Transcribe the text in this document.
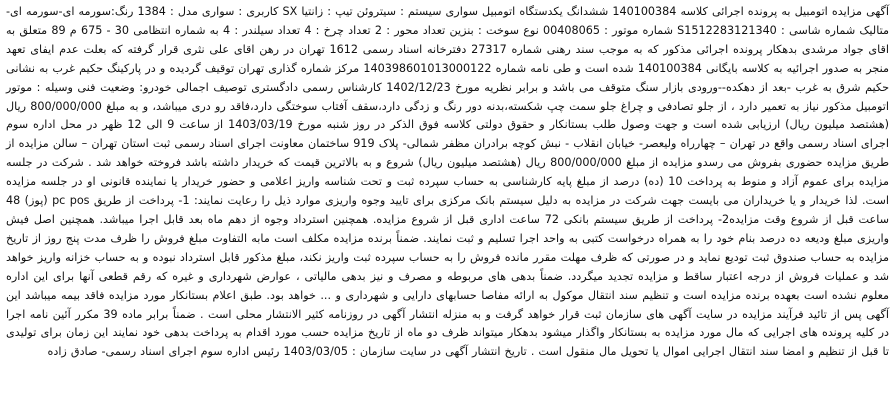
آگهی مزایده اتومبیل به پرونده اجرائی کلاسه 140100384 ششدانگ یکدستگاه اتومبیل سواری سیستم : سیتروئن تیپ : زانتیا SX کاربری : سواری مدل : 1384 رنگ:سورمه ای-سورمه ای-متالیک شماره شاسی : S1512283121340 شماره موتور : 00408065 نوع سوخت : بنزین تعداد محور : 2 تعداد چرخ : 4 تعداد سیلندر : 4 به شماره انتظامی 30 - 675 م 89 متعلق به اقای جواد مرشدی بدهکار پرونده اجرائی مذکور که به موجب سند رهنی شماره 27317 دفترخانه اسناد رسمی 1612 تهران در رهن اقای علی نثری قرار گرفته که بعلت عدم ایفای تعهد منجر به صدور اجرائیه به کلاسه بایگانی 140100384 شده است و طی نامه شماره 140398601013000122 مرکز شماره گذاری تهران توقیف گردیده و در پارکینگ حکیم غرب به نشانی حکیم شرق به غرب -بعد از دهکده--ورودی بازار سنگ متوقف می باشد و برابر نظریه مورخ 1402/12/23 کارشناس رسمی دادگستری توصیف اجمالی خودرو: وضعیت فنی وسیله : موتور اتومبیل مذکور نیاز به تعمیر دارد ، از جلو تصادفی و چراغ جلو سمت چپ شکسته،بدنه دور رنگ و زدگی دارد،سقف آفتاب سوختگی دارد،فاقد رو دری میباشد، و به مبلغ 800/000/000 ریال (هشتصد میلیون ریال) ارزیابی شده است و جهت وصول طلب بستانکار و حقوق دولتی کلاسه فوق الذکر در روز شنبه مورخ 1403/03/19 از ساعت 9 الی 12 ظهر در محل اداره سوم اجرای اسناد رسمی واقع در تهران – چهارراه ولیعصر- خیابان انقلاب - نبش کوچه برادران مظفر شمالی- پلاک 919 ساختمان معاونت اجرای اسناد رسمی ثبت استان تهران – سالن مزایده از طریق مزایده حضوری بفروش می رسدو مزایده از مبلغ 800/000/000 ریال (هشتصد میلیون ریال) شروع و به بالاترین قیمت که خریدار داشته باشد فروخته خواهد شد . شرکت در جلسه مزایده برای عموم آزاد و منوط به پرداخت 10 (ده) درصد از مبلغ پایه کارشناسی به حساب سپرده ثبت و تحت شناسه واریز اعلامی و حضور خریدار یا نماینده قانونی او در جلسه مزایده است. لذا خریدار و یا خریداران می بایست جهت شرکت در مزایده به دلیل سیستم بانک مرکزی برای تایید وجوه واریزی موارد ذیل را رعایت نمایند: 1- پرداخت از طریق pc pos (پوز) 48 ساعت قبل از شروع وقت مزایده2- پرداخت از طریق سیستم بانکی 72 ساعت اداری قبل از شروع مزایده. همچنین استرداد وجوه از دهم ماه بعد قابل اجرا میباشد. همچنین اصل فیش واریزی مبلغ ودیعه ده درصد بنام خود را به همراه درخواست کتبی به واحد اجرا تسلیم و ثبت نمایند. ضمناً برنده مزایده مکلف است مابه التفاوت مبلغ فروش را ظرف مدت پنج روز از تاریخ مزایده به حساب صندوق ثبت تودیع نماید و در صورتی که ظرف مهلت مقرر مانده فروش را به حساب سپرده ثبت واریز نکند، مبلغ مذکور قابل استرداد نبوده و به حساب خزانه واریز خواهد شد و عملیات فروش از درجه اعتبار ساقط و مزایده تجدید میگردد. ضمناً بدهی های مربوطه و مصرف و نیز بدهی مالیاتی ، عوارض شهرداری و غیره که رقم قطعی آنها برای این اداره معلوم نشده است بعهده برنده مزایده است و تنظیم سند انتقال موکول به ارائه مفاصا حسابهای دارایی و شهرداری و ... خواهد بود. طبق اعلام بستانکار مورد مزایده فاقد بیمه میباشد این آگهی پس از تائید فرآیند مزایده در سایت آگهی های سازمان ثبت قرار خواهد گرفت و به منزله انتشار آگهی در روزنامه کثیر الانتشار محلی است . ضمناً برابر ماده 39 مکرر آئین نامه اجرا در کلیه پرونده های اجرایی که مال مورد مزایده به بستانکار واگذار میشود بدهکار میتواند ظرف دو ماه از تاریخ مزایده حسب مورد اقدام به پرداخت بدهی خود نمایند این زمان برای تولیدی تا قبل از تنظیم و امضا سند انتقال اجرایی اموال یا تحویل مال منقول است . تاریخ انتشار آگهی در سایت سازمان : 1403/03/05 رئیس اداره سوم اجرای اسناد رسمی- صادق زاده
